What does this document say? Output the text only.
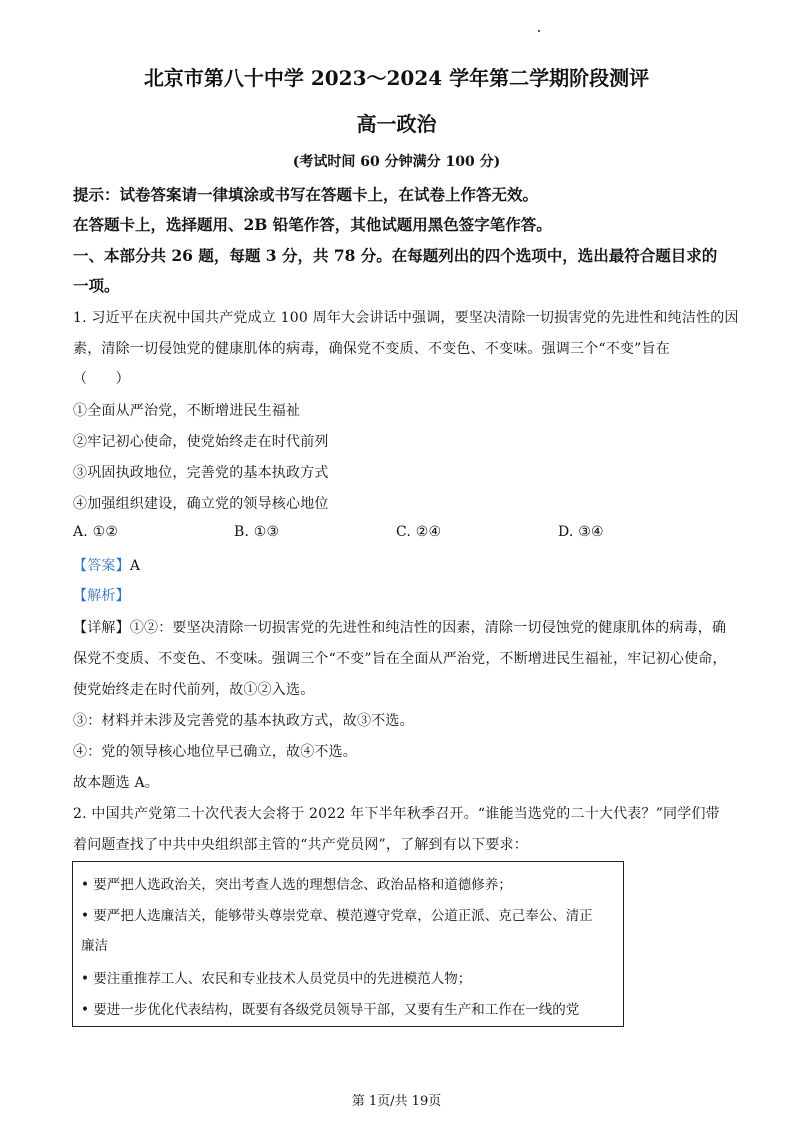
北京市第八十中学 2023～2024 学年第二学期阶段测评
高一政治
(考试时间 60 分钟满分 100 分)
提示：试卷答案请一律填涂或书写在答题卡上，在试卷上作答无效。
在答题卡上，选择题用、2B 铅笔作答，其他试题用黑色签字笔作答。
一、本部分共 26 题，每题 3 分，共 78 分。在每题列出的四个选项中，选出最符合题目求的
一项。
1. 习近平在庆祝中国共产党成立 100 周年大会讲话中强调，要坚决清除一切损害党的先进性和纯洁性的因
素，清除一切侵蚀党的健康肌体的病毒，确保党不变质、不变色、不变味。强调三个“不变”旨在
（　　）
①全面从严治党，不断增进民生福祉
②牢记初心使命，使党始终走在时代前列
③巩固执政地位，完善党的基本执政方式
④加强组织建设，确立党的领导核心地位
A. ①②	B. ①③	C. ②④	D. ③④
【答案】A
【解析】
【详解】①②：要坚决清除一切损害党的先进性和纯洁性的因素，清除一切侵蚀党的健康肌体的病毒，确
保党不变质、不变色、不变味。强调三个“不变”旨在全面从严治党，不断增进民生福祉，牢记初心使命，
使党始终走在时代前列，故①②入选。
③：材料并未涉及完善党的基本执政方式，故③不选。
④：党的领导核心地位早已确立，故④不选。
故本题选 A。
2. 中国共产党第二十次代表大会将于 2022 年下半年秋季召开。“谁能当选党的二十大代表？”同学们带
着问题查找了中共中央组织部主管的“共产党员网”，了解到有以下要求：
• 要严把人选政治关，突出考查人选的理想信念、政治品格和道德修养；
• 要严把人选廉洁关，能够带头尊崇党章、模范遵守党章，公道正派、克己奉公、清正
廉洁
• 要注重推荐工人、农民和专业技术人员党员中的先进模范人物；
• 要进一步优化代表结构，既要有各级党员领导干部，又要有生产和工作在一线的党
第 1页/共 19页
